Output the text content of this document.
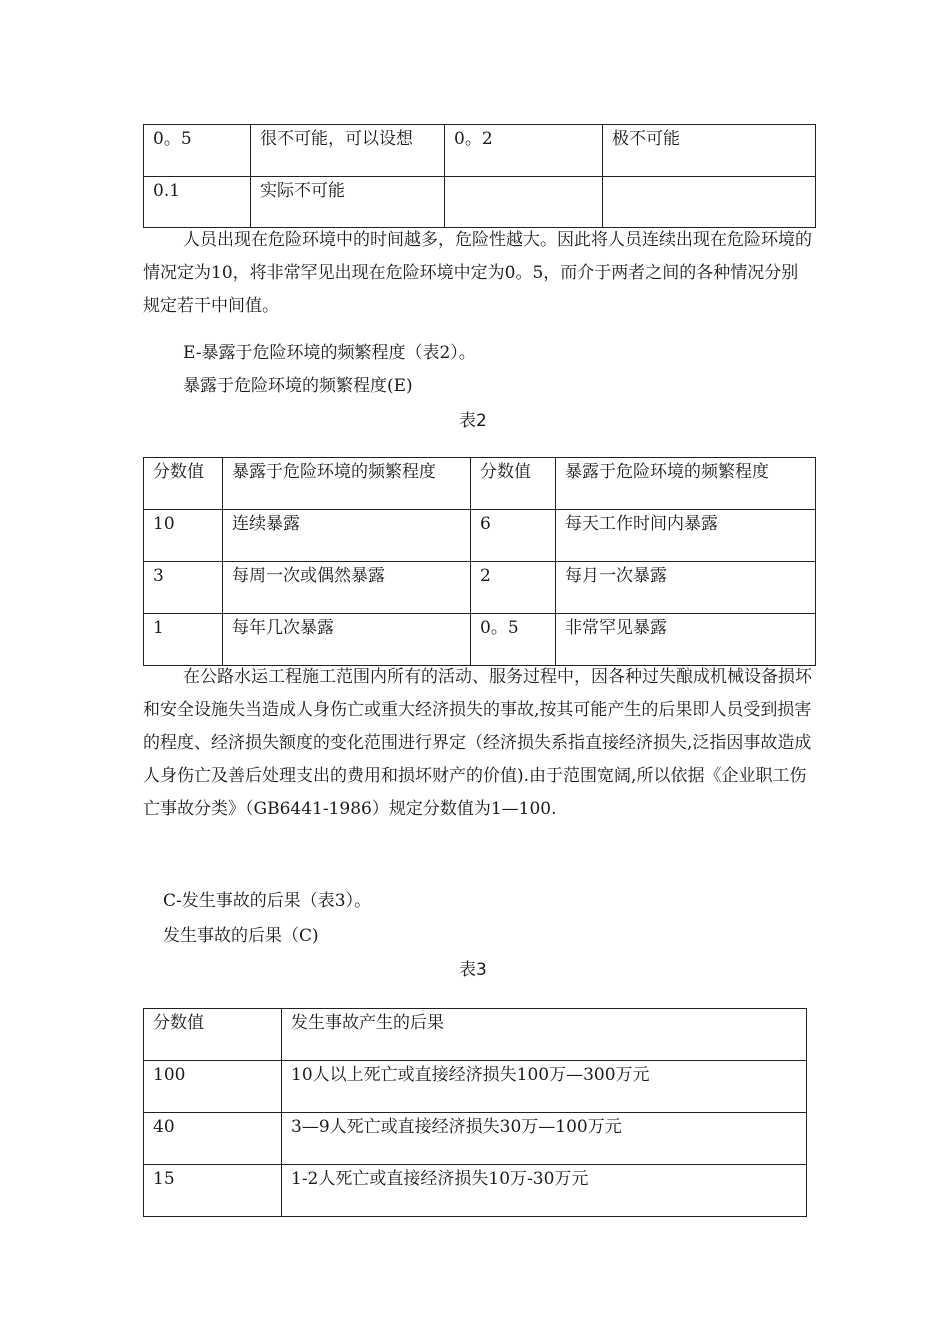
0。5	很不可能，可以设想	0。2	极不可能
0.1	实际不可能		

人员出现在危险环境中的时间越多，危险性越大。因此将人员连续出现在危险环境的情况定为10，将非常罕见出现在危险环境中定为0。5，而介于两者之间的各种情况分别规定若干中间值。

E-暴露于危险环境的频繁程度（表2）。
暴露于危险环境的频繁程度(E)
表2
分数值	暴露于危险环境的频繁程度	分数值	暴露于危险环境的频繁程度
10	连续暴露	6	每天工作时间内暴露
3	每周一次或偶然暴露	2	每月一次暴露
1	每年几次暴露	0。5	非常罕见暴露

在公路水运工程施工范围内所有的活动、服务过程中，因各种过失酿成机械设备损坏和安全设施失当造成人身伤亡或重大经济损失的事故,按其可能产生的后果即人员受到损害的程度、经济损失额度的变化范围进行界定（经济损失系指直接经济损失,泛指因事故造成人身伤亡及善后处理支出的费用和损坏财产的价值).由于范围宽阔,所以依据《企业职工伤亡事故分类》（GB6441-1986）规定分数值为1—100.

C-发生事故的后果（表3）。
发生事故的后果（C)
表3
分数值	发生事故产生的后果
100	10人以上死亡或直接经济损失100万—300万元
40	3—9人死亡或直接经济损失30万—100万元
15	1-2人死亡或直接经济损失10万-30万元
